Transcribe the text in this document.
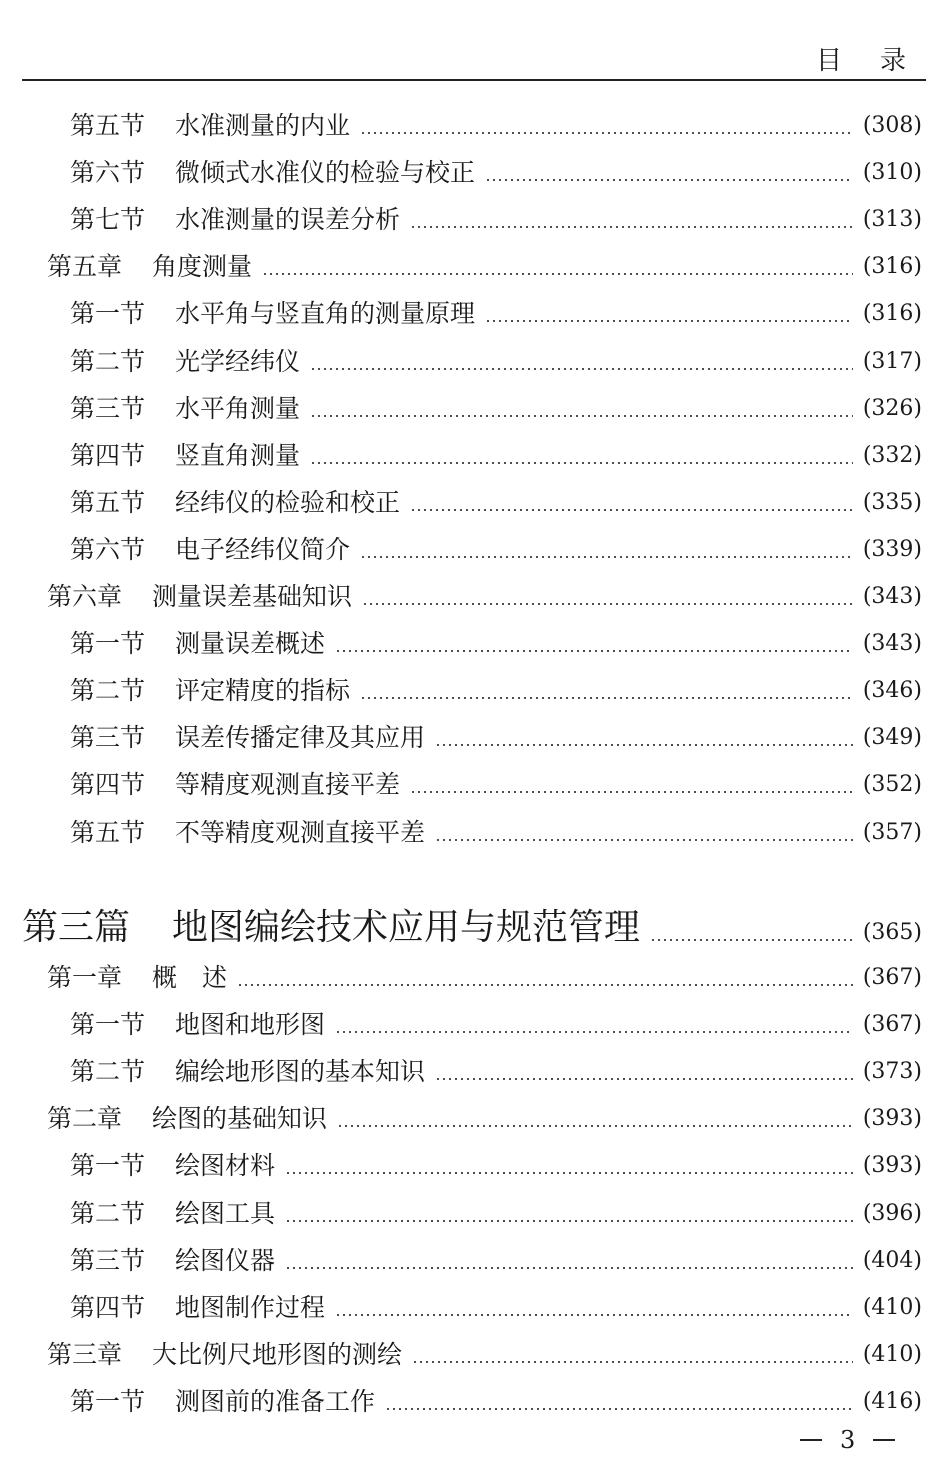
目录
第五节 水准测量的内业	(308)
第六节 微倾式水准仪的检验与校正	(310)
第七节 水准测量的误差分析	(313)
第五章 角度测量	(316)
第一节 水平角与竖直角的测量原理	(316)
第二节 光学经纬仪	(317)
第三节 水平角测量	(326)
第四节 竖直角测量	(332)
第五节 经纬仪的检验和校正	(335)
第六节 电子经纬仪简介	(339)
第六章 测量误差基础知识	(343)
第一节 测量误差概述	(343)
第二节 评定精度的指标	(346)
第三节 误差传播定律及其应用	(349)
第四节 等精度观测直接平差	(352)
第五节 不等精度观测直接平差	(357)
第三篇 地图编绘技术应用与规范管理	(365)
第一章 概　述	(367)
第一节 地图和地形图	(367)
第二节 编绘地形图的基本知识	(373)
第二章 绘图的基础知识	(393)
第一节 绘图材料	(393)
第二节 绘图工具	(396)
第三节 绘图仪器	(404)
第四节 地图制作过程	(410)
第三章 大比例尺地形图的测绘	(410)
第一节 测图前的准备工作	(416)
3
